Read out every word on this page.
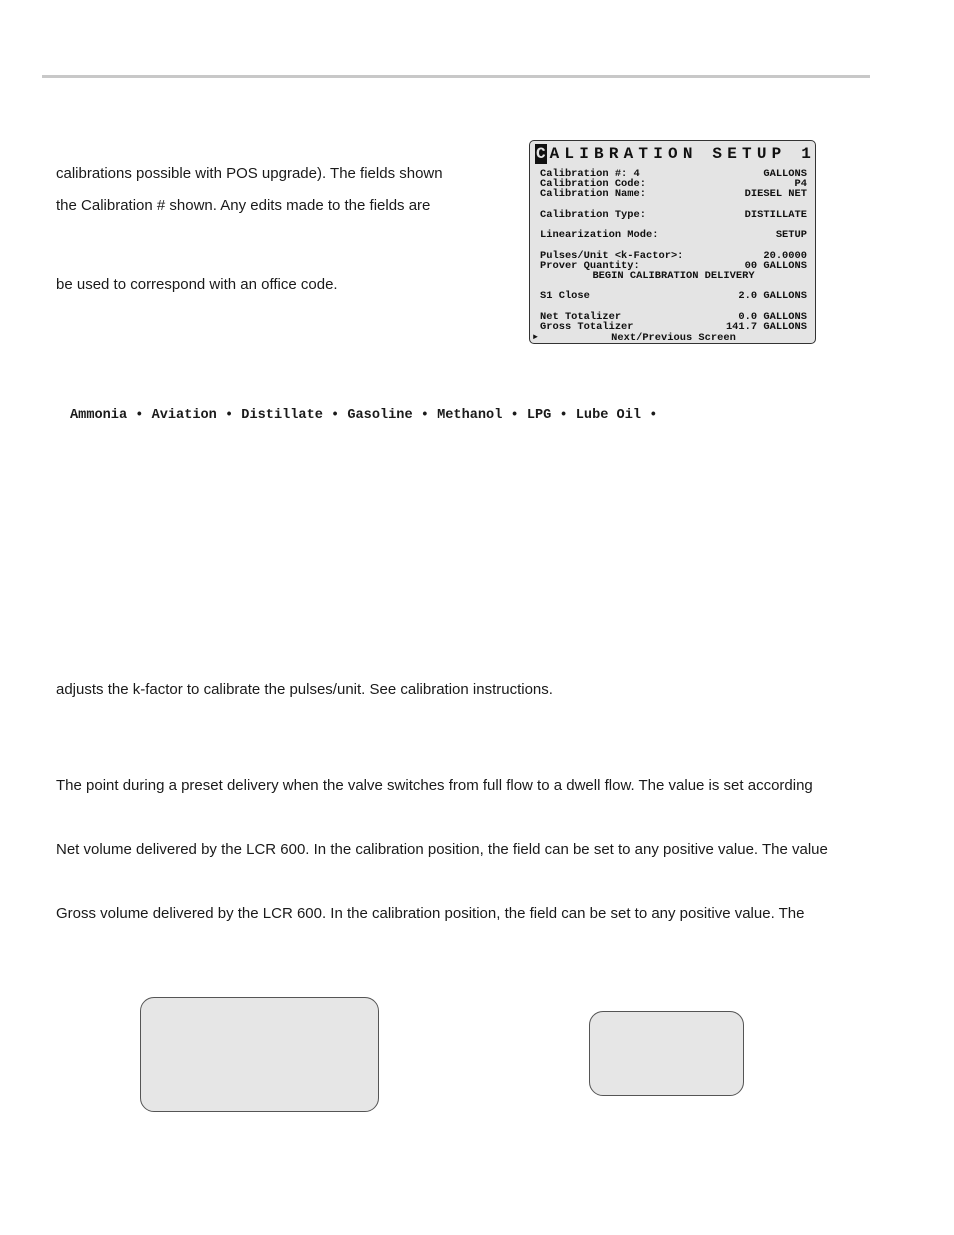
calibrations possible with POS upgrade). The fields shown
the Calibration # shown. Any edits made to the fields are
be used to correspond with an office code.
C ALIBRATION SETUP 1
Calibration #: 4	GALLONS
Calibration Code:	P4
Calibration Name:	DIESEL NET
Calibration Type:	DISTILLATE
Linearization Mode:	SETUP
Pulses/Unit <k-Factor>:	20.0000
Prover Quantity:	00 GALLONS
BEGIN CALIBRATION DELIVERY
S1 Close	2.0 GALLONS
Net Totalizer	0.0 GALLONS
Gross Totalizer	141.7 GALLONS
►	Next/Previous Screen
Ammonia • Aviation • Distillate • Gasoline • Methanol • LPG • Lube Oil •
adjusts the k-factor to calibrate the pulses/unit. See calibration instructions.
The point during a preset delivery when the valve switches from full flow to a dwell flow. The value is set according
Net volume delivered by the LCR 600. In the calibration position, the field can be set to any positive value. The value
Gross volume delivered by the LCR 600. In the calibration position, the field can be set to any positive value. The
